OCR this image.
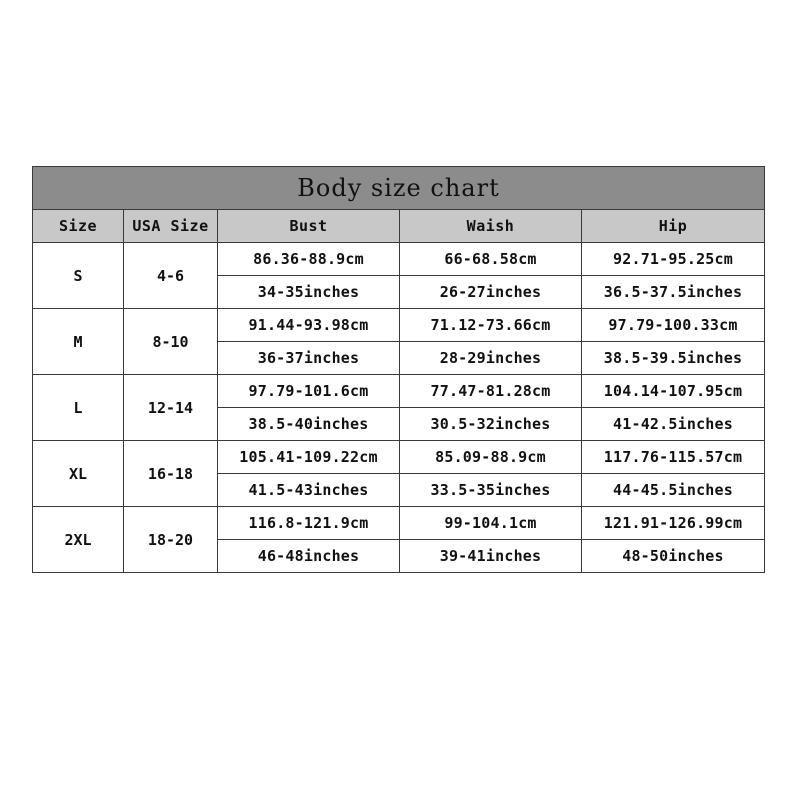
Body size chart				
Size	USA Size	Bust	Waish	Hip
S	4-6	86.36-88.9cm	66-68.58cm	92.71-95.25cm
		34-35inches	26-27inches	36.5-37.5inches
M	8-10	91.44-93.98cm	71.12-73.66cm	97.79-100.33cm
		36-37inches	28-29inches	38.5-39.5inches
L	12-14	97.79-101.6cm	77.47-81.28cm	104.14-107.95cm
		38.5-40inches	30.5-32inches	41-42.5inches
XL	16-18	105.41-109.22cm	85.09-88.9cm	117.76-115.57cm
		41.5-43inches	33.5-35inches	44-45.5inches
2XL	18-20	116.8-121.9cm	99-104.1cm	121.91-126.99cm
		46-48inches	39-41inches	48-50inches
